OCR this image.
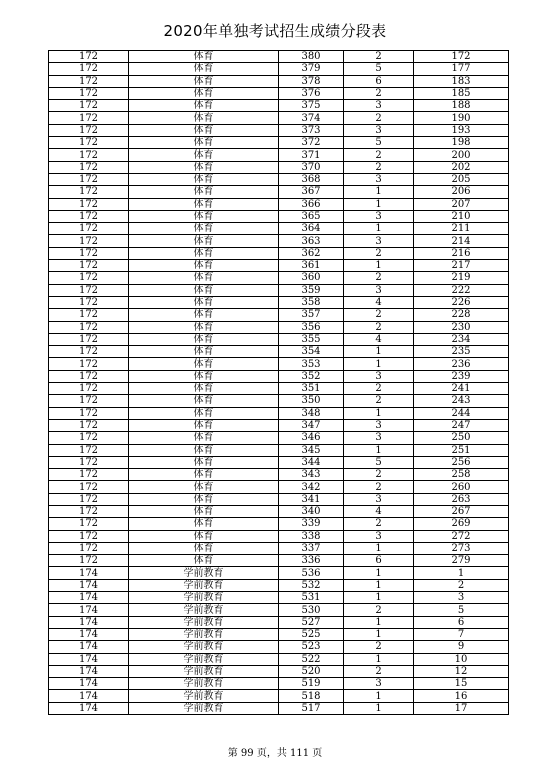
2020年单独考试招生成绩分段表
172	体育	380	2	172
172	体育	379	5	177
172	体育	378	6	183
172	体育	376	2	185
172	体育	375	3	188
172	体育	374	2	190
172	体育	373	3	193
172	体育	372	5	198
172	体育	371	2	200
172	体育	370	2	202
172	体育	368	3	205
172	体育	367	1	206
172	体育	366	1	207
172	体育	365	3	210
172	体育	364	1	211
172	体育	363	3	214
172	体育	362	2	216
172	体育	361	1	217
172	体育	360	2	219
172	体育	359	3	222
172	体育	358	4	226
172	体育	357	2	228
172	体育	356	2	230
172	体育	355	4	234
172	体育	354	1	235
172	体育	353	1	236
172	体育	352	3	239
172	体育	351	2	241
172	体育	350	2	243
172	体育	348	1	244
172	体育	347	3	247
172	体育	346	3	250
172	体育	345	1	251
172	体育	344	5	256
172	体育	343	2	258
172	体育	342	2	260
172	体育	341	3	263
172	体育	340	4	267
172	体育	339	2	269
172	体育	338	3	272
172	体育	337	1	273
172	体育	336	6	279
174	学前教育	536	1	1
174	学前教育	532	1	2
174	学前教育	531	1	3
174	学前教育	530	2	5
174	学前教育	527	1	6
174	学前教育	525	1	7
174	学前教育	523	2	9
174	学前教育	522	1	10
174	学前教育	520	2	12
174	学前教育	519	3	15
174	学前教育	518	1	16
174	学前教育	517	1	17
第 99 页，共 111 页
